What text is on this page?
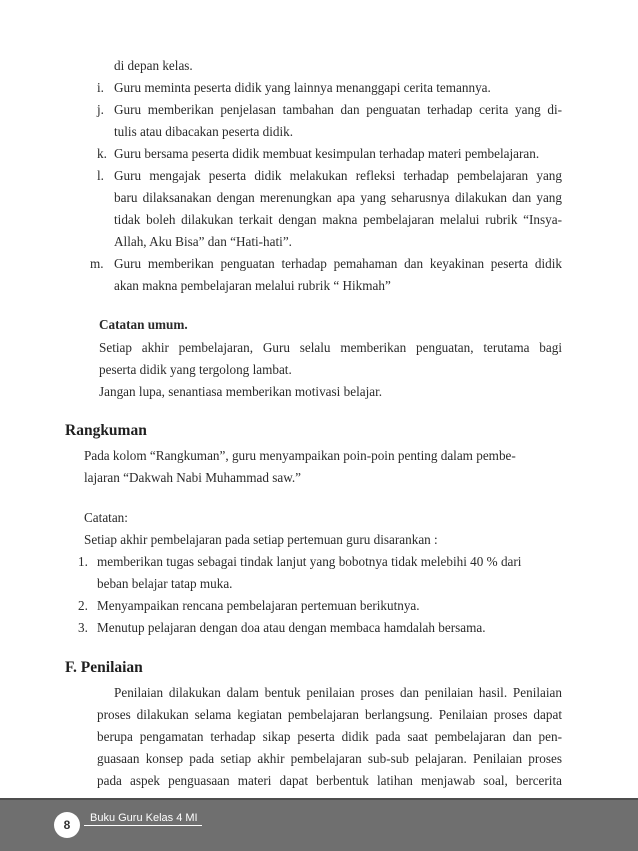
di depan kelas.
i. Guru meminta peserta didik yang lainnya menanggapi cerita temannya.
j. Guru memberikan penjelasan tambahan dan penguatan terhadap cerita yang di-
tulis atau dibacakan peserta didik.
k. Guru bersama peserta didik membuat kesimpulan terhadap materi pembelajaran.
l. Guru mengajak peserta didik melakukan refleksi terhadap pembelajaran yang
baru dilaksanakan dengan merenungkan apa yang seharusnya dilakukan dan yang
tidak boleh dilakukan terkait dengan makna pembelajaran melalui rubrik “Insya-
Allah, Aku Bisa” dan “Hati-hati”.
m. Guru memberikan penguatan terhadap pemahaman dan keyakinan peserta didik
akan makna pembelajaran melalui rubrik “ Hikmah”
Catatan umum.
Setiap akhir pembelajaran, Guru selalu memberikan penguatan, terutama bagi
peserta didik yang tergolong lambat.
Jangan lupa, senantiasa memberikan motivasi belajar.
Rangkuman
Pada kolom “Rangkuman”, guru menyampaikan poin-poin penting dalam pembe-
lajaran “Dakwah Nabi Muhammad saw.”
Catatan:
Setiap akhir pembelajaran pada setiap pertemuan guru disarankan :
1. memberikan tugas sebagai tindak lanjut yang bobotnya tidak melebihi 40 % dari
beban belajar tatap muka.
2. Menyampaikan rencana pembelajaran pertemuan berikutnya.
3. Menutup pelajaran dengan doa atau dengan membaca hamdalah bersama.
F. Penilaian
Penilaian dilakukan dalam bentuk penilaian proses dan penilaian hasil. Penilaian
proses dilakukan selama kegiatan pembelajaran berlangsung. Penilaian proses dapat
berupa pengamatan terhadap sikap peserta didik pada saat pembelajaran dan pen-
guasaan konsep pada setiap akhir pembelajaran sub-sub pelajaran. Penilaian proses
pada aspek penguasaan materi dapat berbentuk latihan menjawab soal, bercerita
8	Buku Guru Kelas 4 MI
